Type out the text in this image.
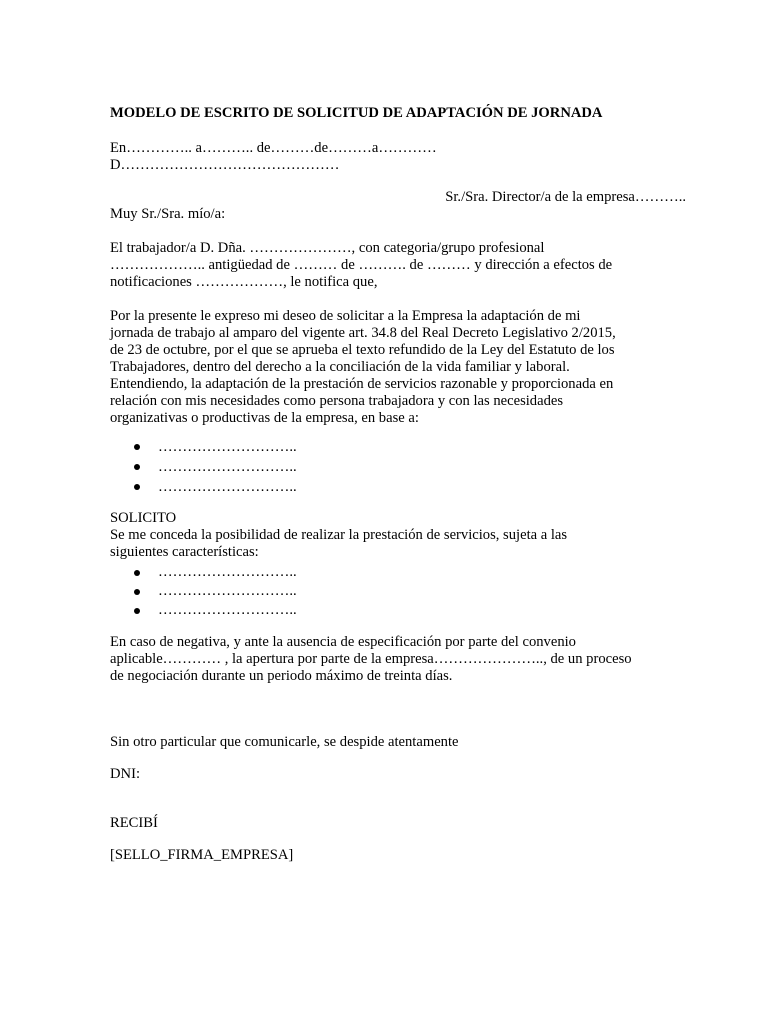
MODELO DE ESCRITO DE SOLICITUD DE ADAPTACIÓN DE JORNADA

En………….. a……….. de………de………a…………

D………………………………………

Sr./Sra. Director/a de la empresa………..

Muy Sr./Sra. mío/a:

El trabajador/a D. Dña. …………………, con categoria/grupo profesional

……………….. antigüedad de ……… de ………. de ……… y dirección a efectos de

notificaciones ………………, le notifica que,

Por la presente le expreso mi deseo de solicitar a la Empresa la adaptación de mi

jornada de trabajo al amparo del vigente art. 34.8 del Real Decreto Legislativo 2/2015,

de 23 de octubre, por el que se aprueba el texto refundido de la Ley del Estatuto de los

Trabajadores, dentro del derecho a la conciliación de la vida familiar y laboral.

Entendiendo, la adaptación de la prestación de servicios razonable y proporcionada en

relación con mis necesidades como persona trabajadora y con las necesidades

organizativas o productivas de la empresa, en base a:

………………………..
………………………..
………………………..

SOLICITO

Se me conceda la posibilidad de realizar la prestación de servicios, sujeta a las

siguientes características:

………………………..
………………………..
………………………..

En caso de negativa, y ante la ausencia de especificación por parte del convenio

aplicable………… , la apertura por parte de la empresa………………….., de un proceso

de negociación durante un periodo máximo de treinta días.

Sin otro particular que comunicarle, se despide atentamente

DNI:

RECIBÍ

[SELLO_FIRMA_EMPRESA]
